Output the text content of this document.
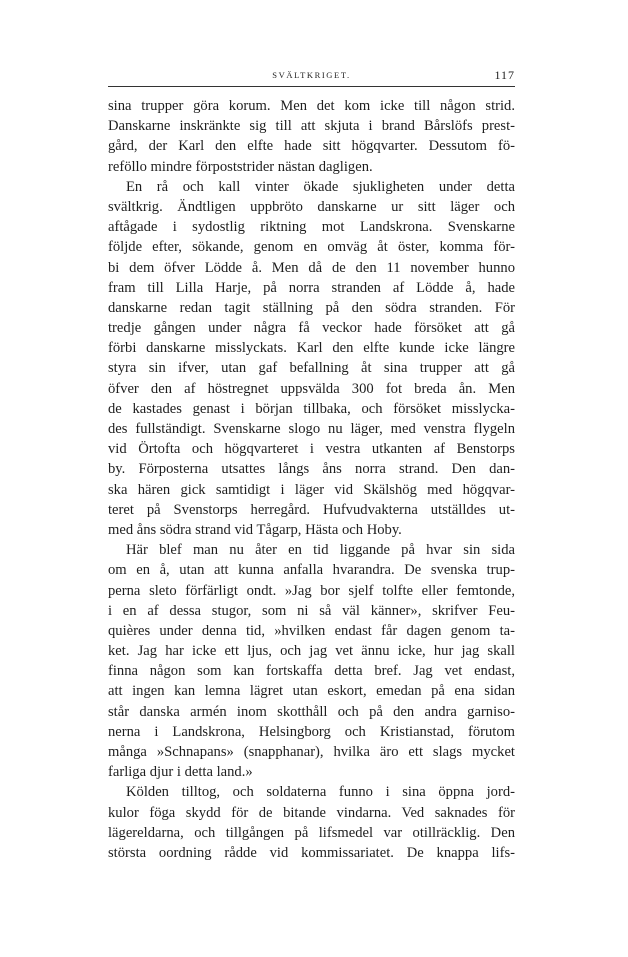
SVÄLTKRIGET.	117
sina trupper göra korum. Men det kom icke till någon strid.
Danskarne inskränkte sig till att skjuta i brand Bårslöfs prest-
gård, der Karl den elfte hade sitt högqvarter. Dessutom fö-
reföllo mindre förpoststrider nästan dagligen.
En rå och kall vinter ökade sjukligheten under detta
svältkrig. Ändtligen uppbröto danskarne ur sitt läger och
aftågade i sydostlig riktning mot Landskrona. Svenskarne
följde efter, sökande, genom en omväg åt öster, komma för-
bi dem öfver Lödde å. Men då de den 11 november hunno
fram till Lilla Harje, på norra stranden af Lödde å, hade
danskarne redan tagit ställning på den södra stranden. För
tredje gången under några få veckor hade försöket att gå
förbi danskarne misslyckats. Karl den elfte kunde icke längre
styra sin ifver, utan gaf befallning åt sina trupper att gå
öfver den af höstregnet uppsvälda 300 fot breda ån. Men
de kastades genast i början tillbaka, och försöket misslycka-
des fullständigt. Svenskarne slogo nu läger, med venstra flygeln
vid Örtofta och högqvarteret i vestra utkanten af Benstorps
by. Förposterna utsattes långs åns norra strand. Den dan-
ska hären gick samtidigt i läger vid Skälshög med högqvar-
teret på Svenstorps herregård. Hufvudvakterna utställdes ut-
med åns södra strand vid Tågarp, Hästa och Hoby.
Här blef man nu åter en tid liggande på hvar sin sida
om en å, utan att kunna anfalla hvarandra. De svenska trup-
perna sleto förfärligt ondt. »Jag bor sjelf tolfte eller femtonde,
i en af dessa stugor, som ni så väl känner», skrifver Feu-
quières under denna tid, »hvilken endast får dagen genom ta-
ket. Jag har icke ett ljus, och jag vet ännu icke, hur jag skall
finna någon som kan fortskaffa detta bref. Jag vet endast,
att ingen kan lemna lägret utan eskort, emedan på ena sidan
står danska armén inom skotthåll och på den andra garniso-
nerna i Landskrona, Helsingborg och Kristianstad, förutom
många »Schnapans» (snapphanar), hvilka äro ett slags mycket
farliga djur i detta land.»
Kölden tilltog, och soldaterna funno i sina öppna jord-
kulor föga skydd för de bitande vindarna. Ved saknades för
lägereldarna, och tillgången på lifsmedel var otillräcklig. Den
största oordning rådde vid kommissariatet. De knappa lifs-
